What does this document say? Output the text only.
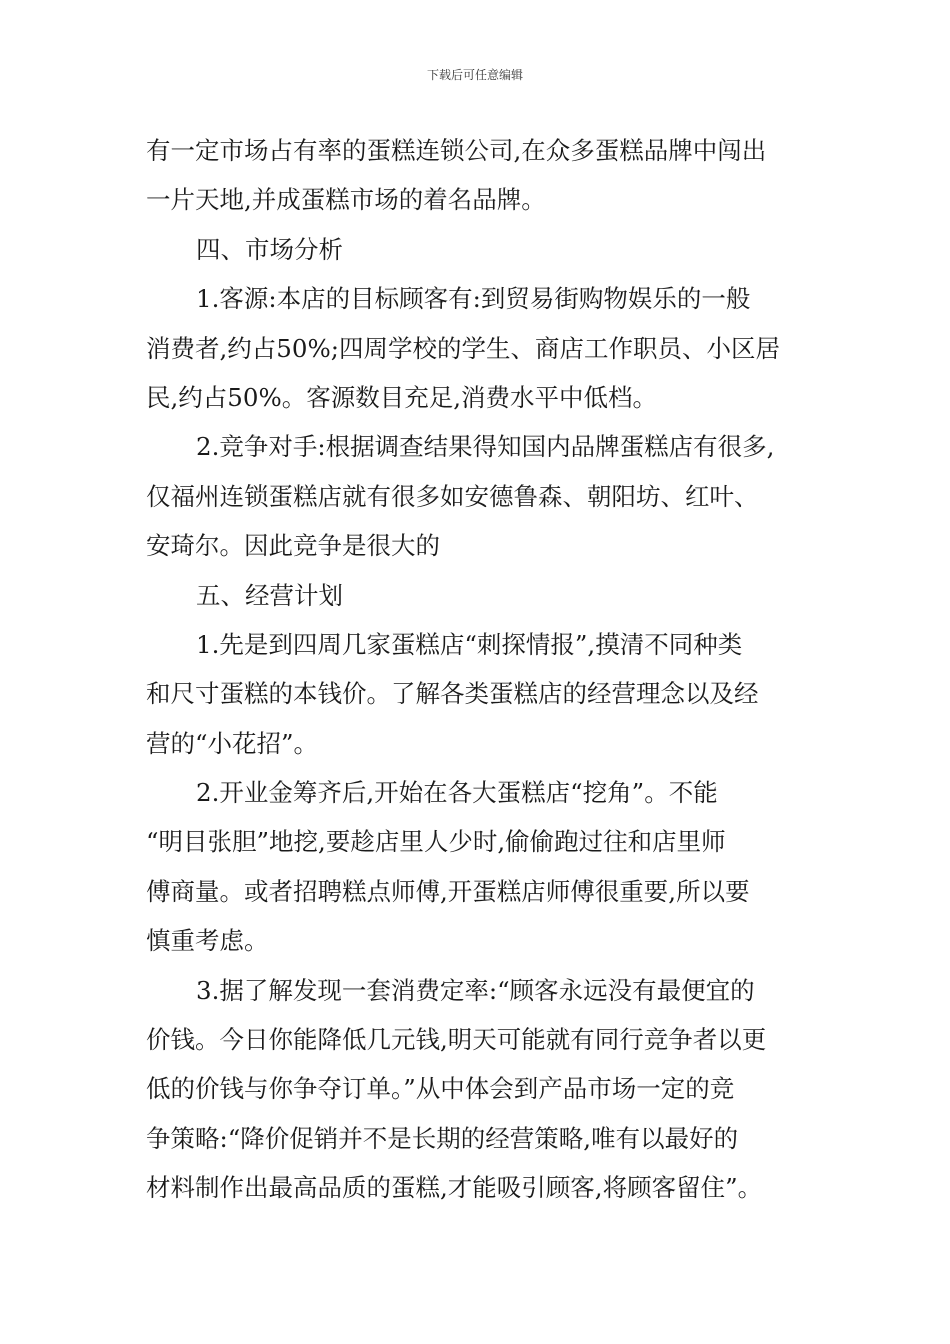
下载后可任意编辑
有一定市场占有率的蛋糕连锁公司,在众多蛋糕品牌中闯出
一片天地,并成蛋糕市场的着名品牌。
四、市场分析
1.客源:本店的目标顾客有:到贸易街购物娱乐的一般
消费者,约占50%;四周学校的学生、商店工作职员、小区居
民,约占50%。客源数目充足,消费水平中低档。
2.竞争对手:根据调查结果得知国内品牌蛋糕店有很多,
仅福州连锁蛋糕店就有很多如安德鲁森、朝阳坊、红叶、
安琦尔。因此竞争是很大的
五、经营计划
1.先是到四周几家蛋糕店“刺探情报”,摸清不同种类
和尺寸蛋糕的本钱价。了解各类蛋糕店的经营理念以及经
营的“小花招”。
2.开业金筹齐后,开始在各大蛋糕店“挖角”。不能
“明目张胆”地挖,要趁店里人少时,偷偷跑过往和店里师
傅商量。或者招聘糕点师傅,开蛋糕店师傅很重要,所以要
慎重考虑。
3.据了解发现一套消费定率:“顾客永远没有最便宜的
价钱。今日你能降低几元钱,明天可能就有同行竞争者以更
低的价钱与你争夺订单。”从中体会到产品市场一定的竞
争策略:“降价促销并不是长期的经营策略,唯有以最好的
材料制作出最高品质的蛋糕,才能吸引顾客,将顾客留住”。
